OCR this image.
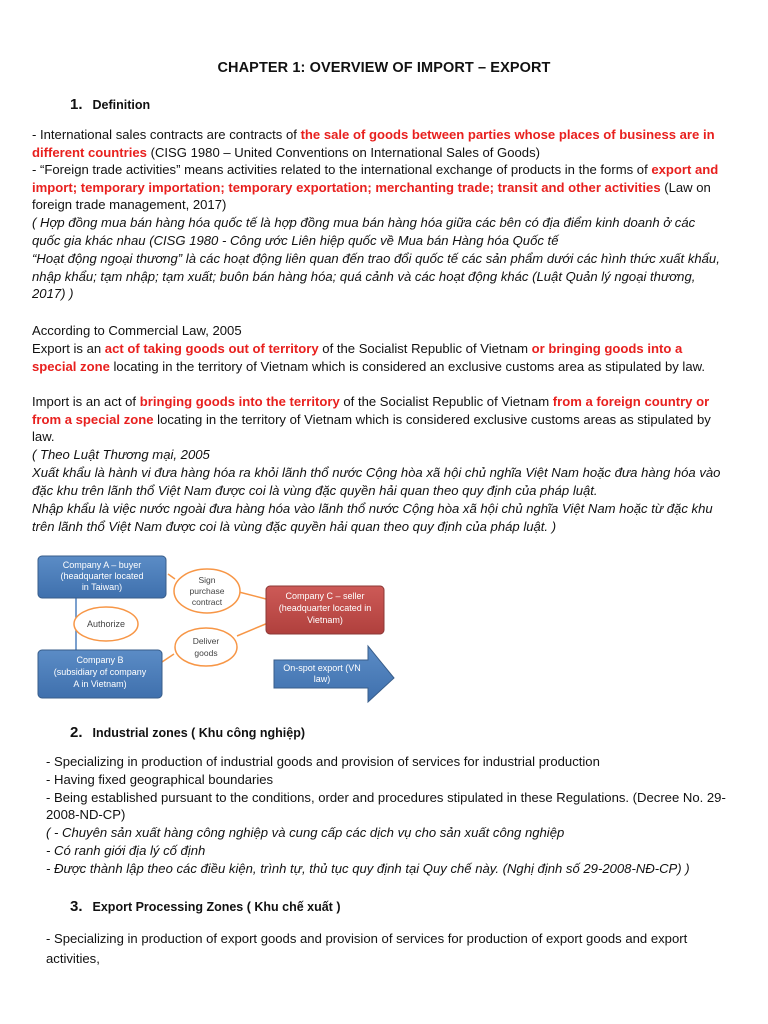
CHAPTER 1: OVERVIEW OF IMPORT – EXPORT
1. Definition
- International sales contracts are contracts of the sale of goods between parties whose places of business are in different countries (CISG 1980 – United Conventions on International Sales of Goods)
- “Foreign trade activities” means activities related to the international exchange of products in the forms of export and import; temporary importation; temporary exportation; merchanting trade; transit and other activities (Law on foreign trade management, 2017)
( Hợp đồng mua bán hàng hóa quốc tế là hợp đồng mua bán hàng hóa giữa các bên có địa điểm kinh doanh ở các quốc gia khác nhau (CISG 1980 - Công ước Liên hiệp quốc về Mua bán Hàng hóa Quốc tế
“Hoạt động ngoại thương” là các hoạt động liên quan đến trao đổi quốc tế các sản phẩm dưới các hình thức xuất khẩu, nhập khẩu; tạm nhập; tạm xuất; buôn bán hàng hóa; quá cảnh và các hoạt động khác (Luật Quản lý ngoại thương, 2017) )
According to Commercial Law, 2005
Export is an act of taking goods out of territory of the Socialist Republic of Vietnam or bringing goods into a special zone locating in the territory of Vietnam which is considered an exclusive customs area as stipulated by law.
Import is an act of bringing goods into the territory of the Socialist Republic of Vietnam from a foreign country or from a special zone locating in the territory of Vietnam which is considered exclusive customs areas as stipulated by law.
( Theo Luật Thương mại, 2005
Xuất khẩu là hành vi đưa hàng hóa ra khỏi lãnh thổ nước Cộng hòa xã hội chủ nghĩa Việt Nam hoặc đưa hàng hóa vào đặc khu trên lãnh thổ Việt Nam được coi là vùng đặc quyền hải quan theo quy định của pháp luật.
Nhập khẩu là việc nước ngoài đưa hàng hóa vào lãnh thổ nước Cộng hòa xã hội chủ nghĩa Việt Nam hoặc từ đặc khu trên lãnh thổ Việt Nam được coi là vùng đặc quyền hải quan theo quy định của pháp luật. )
Company A – buyer
(headquarter located
in Taiwan)
Authorize
Company B
(subsidiary of company
A in Vietnam)
Sign
purchase
contract
Deliver
goods
Company C – seller
(headquarter located in
Vietnam)
On-spot export (VN
law)
2. Industrial zones ( Khu công nghiệp)
- Specializing in production of industrial goods and provision of services for industrial production
- Having fixed geographical boundaries
- Being established pursuant to the conditions, order and procedures stipulated in these Regulations. (Decree No. 29-2008-ND-CP)
( - Chuyên sản xuất hàng công nghiệp và cung cấp các dịch vụ cho sản xuất công nghiệp
- Có ranh giới địa lý cố định
- Được thành lập theo các điều kiện, trình tự, thủ tục quy định tại Quy chế này. (Nghị định số 29-2008-NĐ-CP) )
3. Export Processing Zones ( Khu chế xuất )
- Specializing in production of export goods and provision of services for production of export goods and export activities,
